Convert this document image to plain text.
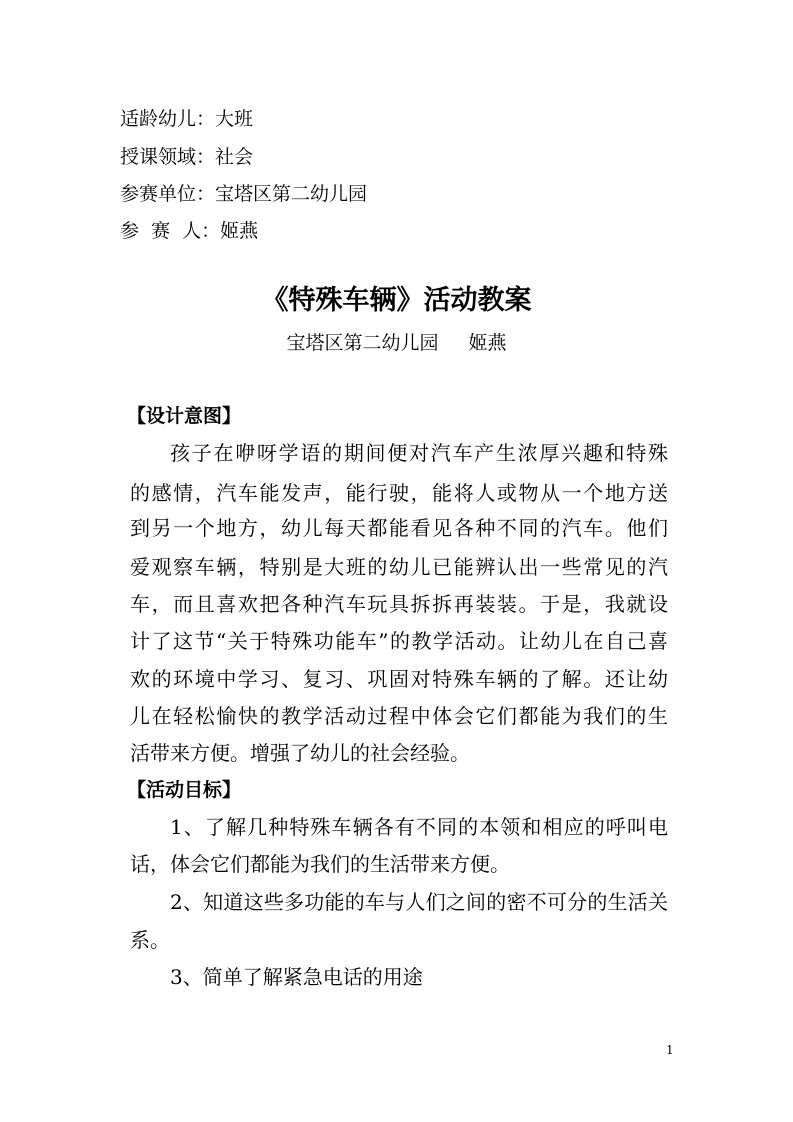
适龄幼儿：大班
授课领域：社会
参赛单位：宝塔区第二幼儿园
参  赛  人：姬燕
《特殊车辆》活动教案
宝塔区第二幼儿园 姬燕
【设计意图】
孩子在咿呀学语的期间便对汽车产生浓厚兴趣和特殊
的感情，汽车能发声，能行驶，能将人或物从一个地方送
到另一个地方，幼儿每天都能看见各种不同的汽车。他们
爱观察车辆，特别是大班的幼儿已能辨认出一些常见的汽
车，而且喜欢把各种汽车玩具拆拆再装装。于是，我就设
计了这节“关于特殊功能车”的教学活动。让幼儿在自己喜
欢的环境中学习、复习、巩固对特殊车辆的了解。还让幼
儿在轻松愉快的教学活动过程中体会它们都能为我们的生
活带来方便。增强了幼儿的社会经验。
【活动目标】
1、了解几种特殊车辆各有不同的本领和相应的呼叫电
话，体会它们都能为我们的生活带来方便。
2、知道这些多功能的车与人们之间的密不可分的生活关
系。
3、简单了解紧急电话的用途
1
